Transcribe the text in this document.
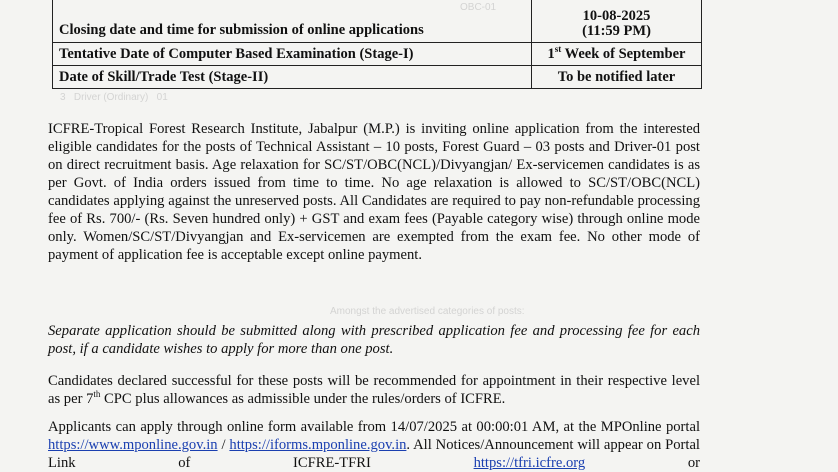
OBC-01
3   Driver (Ordinary)   01
Amongst the advertised categories of posts:
Closing date and time for submission of online applications	10-08-2025
(11:59 PM)

Tentative Date of Computer Based Examination (Stage-I)	1st Week of September
Date of Skill/Trade Test (Stage-II)	To be notified later

ICFRE-Tropical Forest Research Institute, Jabalpur (M.P.) is inviting online application from the interested eligible candidates for the posts of Technical Assistant – 10 posts, Forest Guard – 03 posts and Driver-01 post on direct recruitment basis. Age relaxation for SC/ST/OBC(NCL)/Divyangjan/ Ex-servicemen candidates is as per Govt. of India orders issued from time to time. No age relaxation is allowed to SC/ST/OBC(NCL) candidates applying against the unreserved posts. All Candidates are required to pay non-refundable processing fee of Rs. 700/- (Rs. Seven hundred only) + GST and exam fees (Payable category wise) through online mode only. Women/SC/ST/Divyangjan and Ex-servicemen are exempted from the exam fee. No other mode of payment of application fee is acceptable except online payment.

Separate application should be submitted along with prescribed application fee and processing fee for each post, if a candidate wishes to apply for more than one post.

Candidates declared successful for these posts will be recommended for appointment in their respective level as per 7th CPC plus allowances as admissible under the rules/orders of ICFRE.

Applicants can apply through online form available from 14/07/2025 at 00:00:01 AM, at the MPOnline portal https://www.mponline.gov.in / https://iforms.mponline.gov.in. All Notices/Announcement will appear on Portal Link of ICFRE-TFRI	https://tfri.icfre.org	or
